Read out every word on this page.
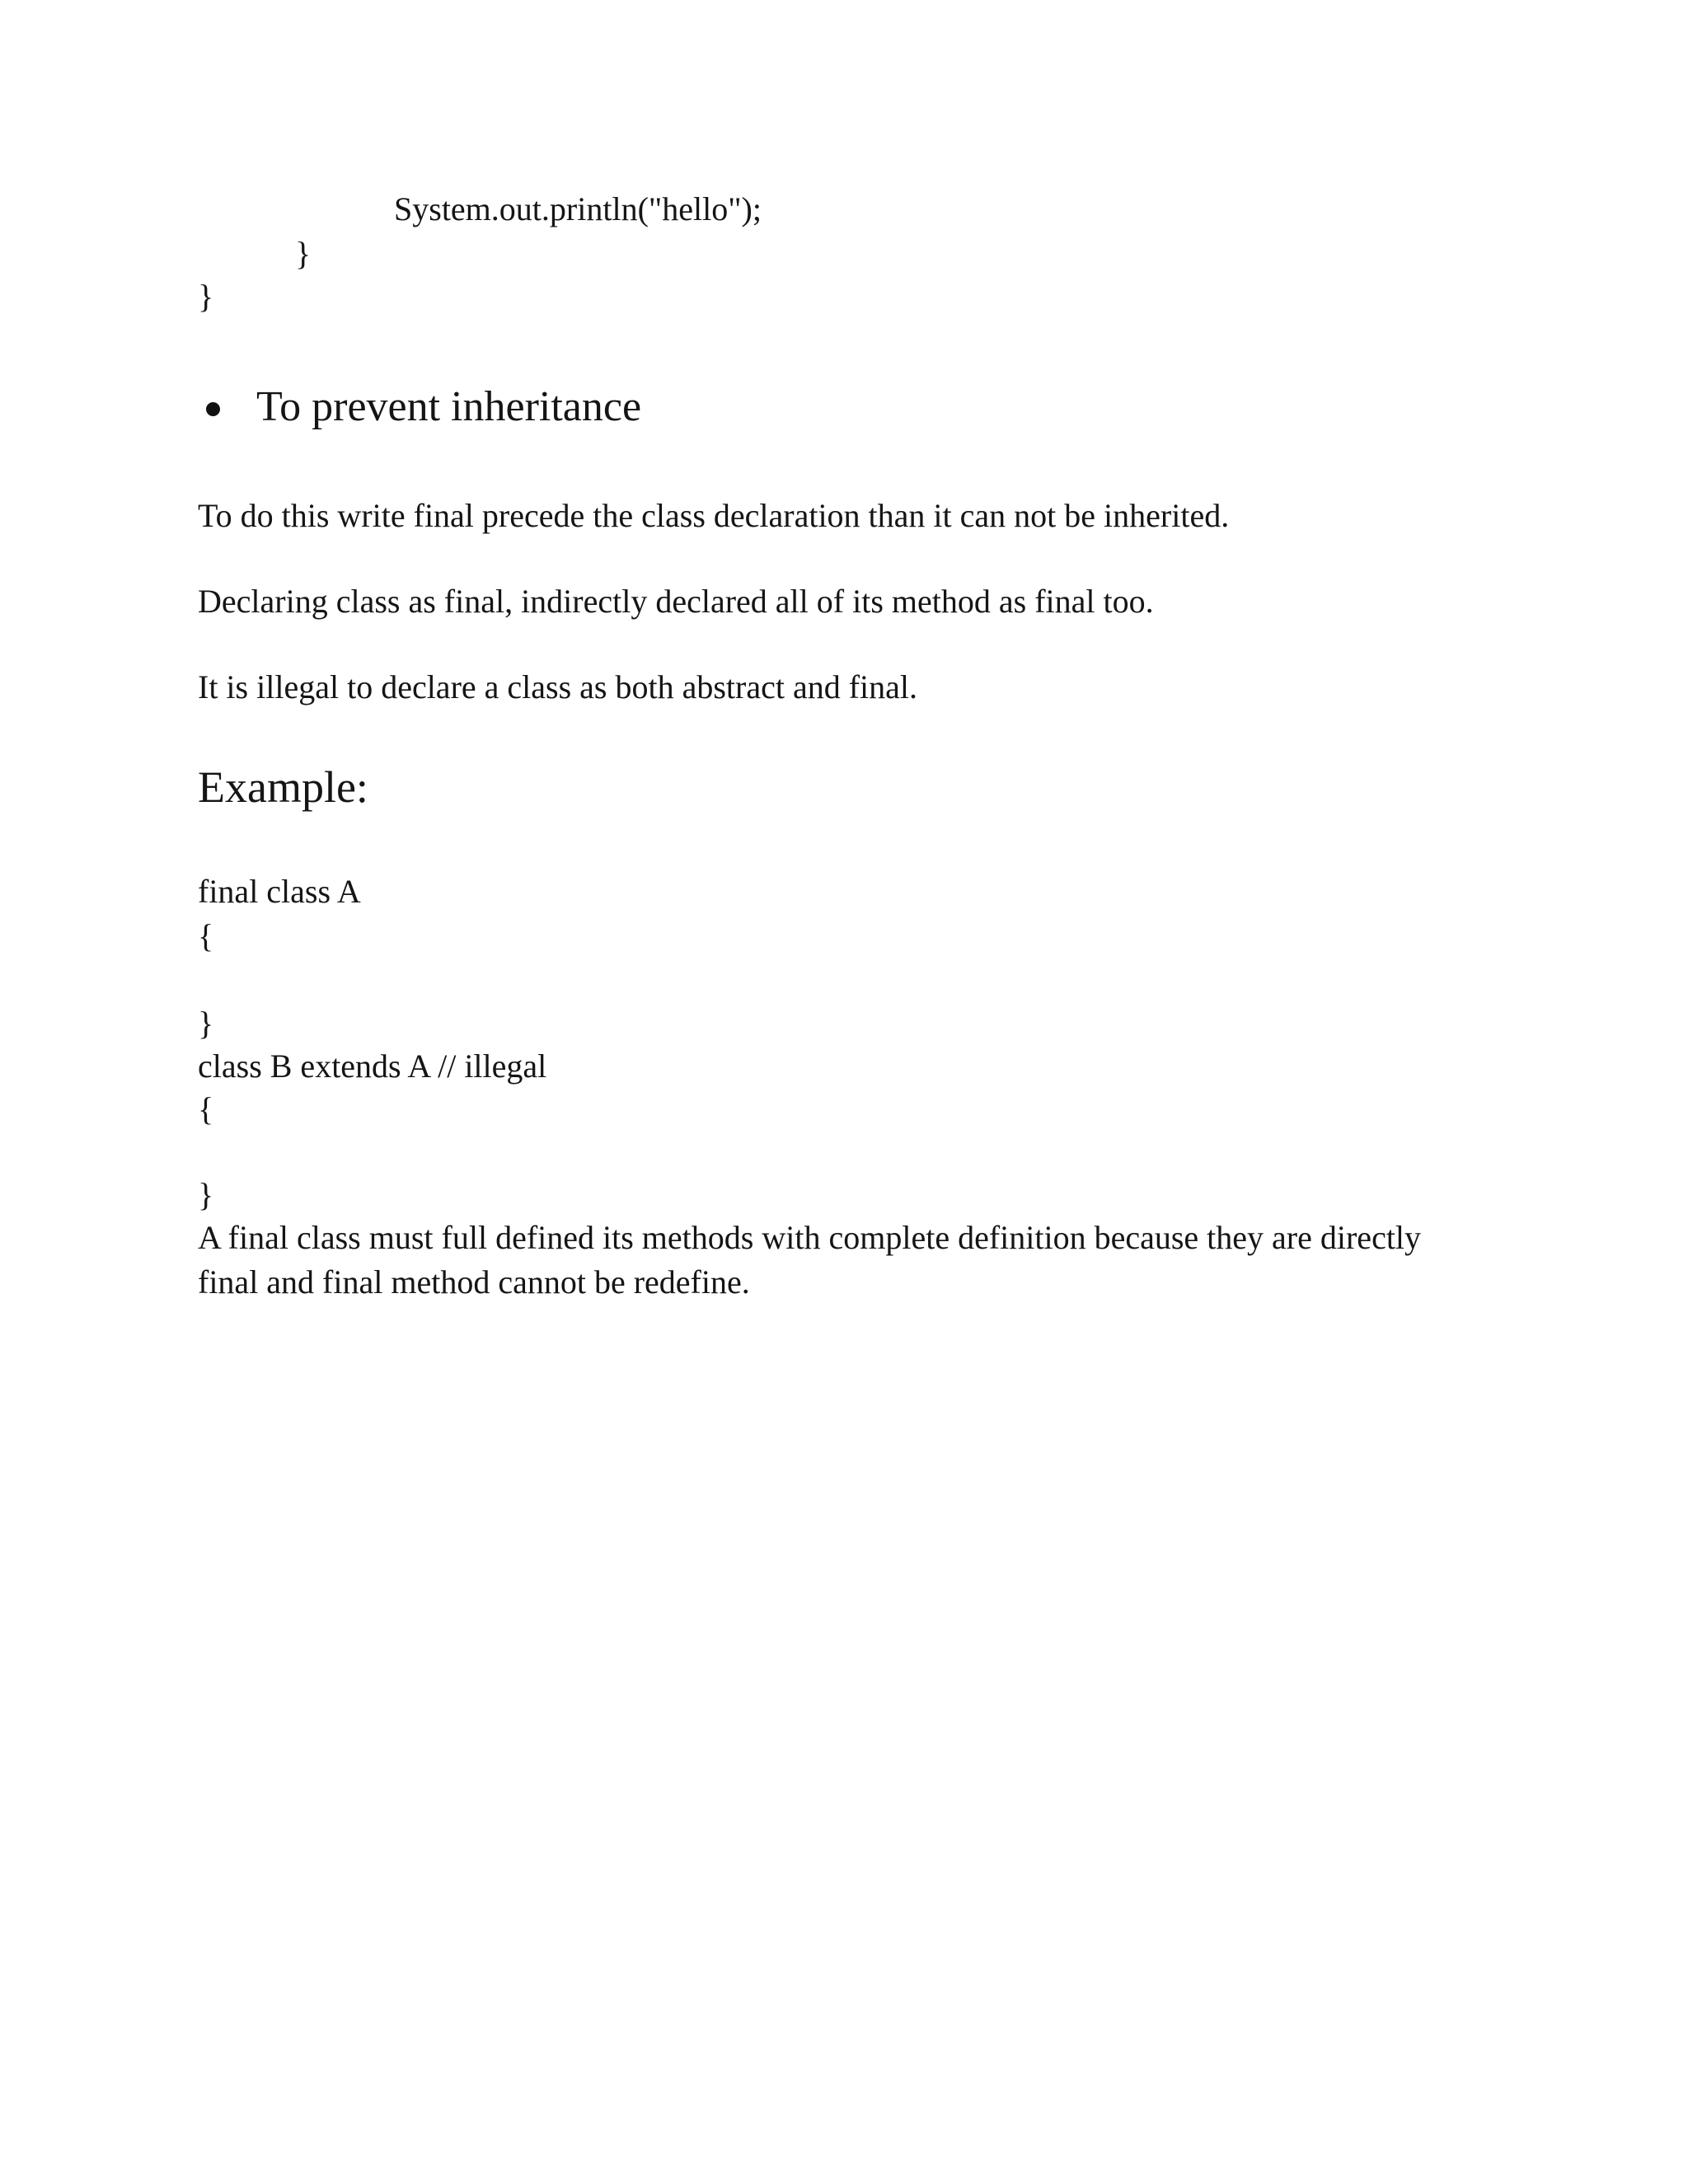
System.out.println("hello");
}
}
To prevent inheritance
To do this write final precede the class declaration than it can not be inherited.
Declaring class as final, indirectly declared all of its method as final too.
It is illegal to declare a class as both abstract and final.
Example:
final class A
{
}
class B extends A // illegal
{
}
A final class must full defined its methods with complete definition because they are directly
final and final method cannot be redefine.
